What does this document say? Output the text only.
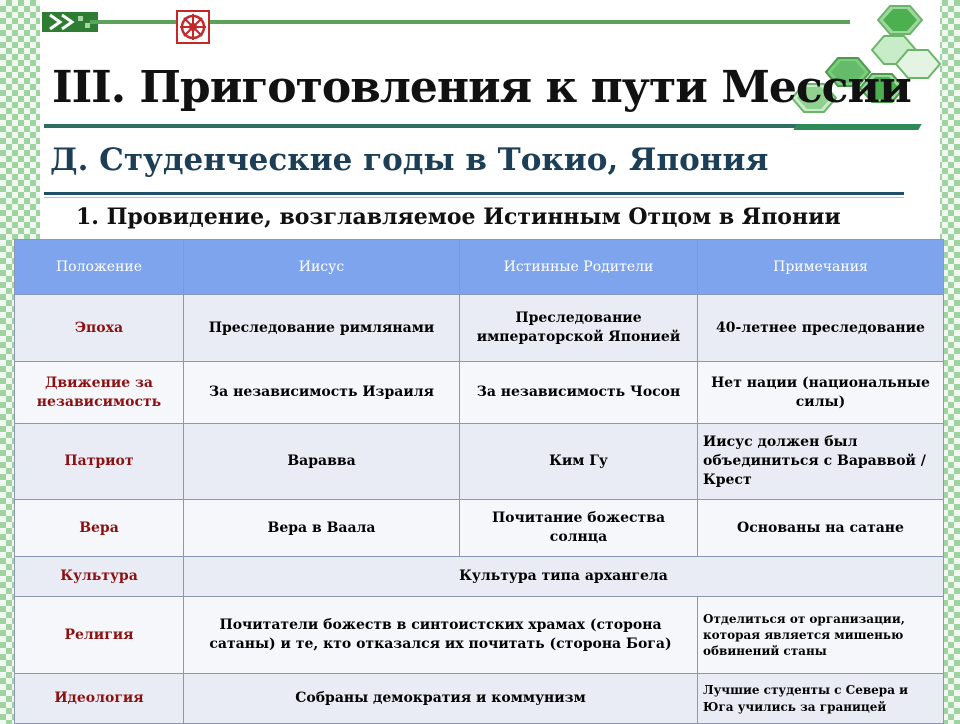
III. Приготовления к пути Мессии
Д. Студенческие годы в Токио, Япония
1. Провидение, возглавляемое Истинным Отцом в Японии
Положение	Иисус	Истинные Родители	Примечания
Эпоха	Преследование римлянами	Преследование императорской Японией	40-летнее преследование
Движение за независимость	За независимость Израиля	За независимость Чосон	Нет нации (национальные силы)
Патриот	Варавва	Ким Гу	Иисус должен был объединиться с Вараввой / Крест
Вера	Вера в Ваала	Почитание божества солнца	Основаны на сатане
Культура	Культура типа архангела		
Религия	Почитатели божеств в синтоистских храмах (сторона сатаны) и те, кто отказался их почитать (сторона Бога)		Отделиться от организации, которая является мишенью обвинений станы
Идеология	Собраны демократия и коммунизм		Лучшие студенты с Севера и Юга учились за границей
